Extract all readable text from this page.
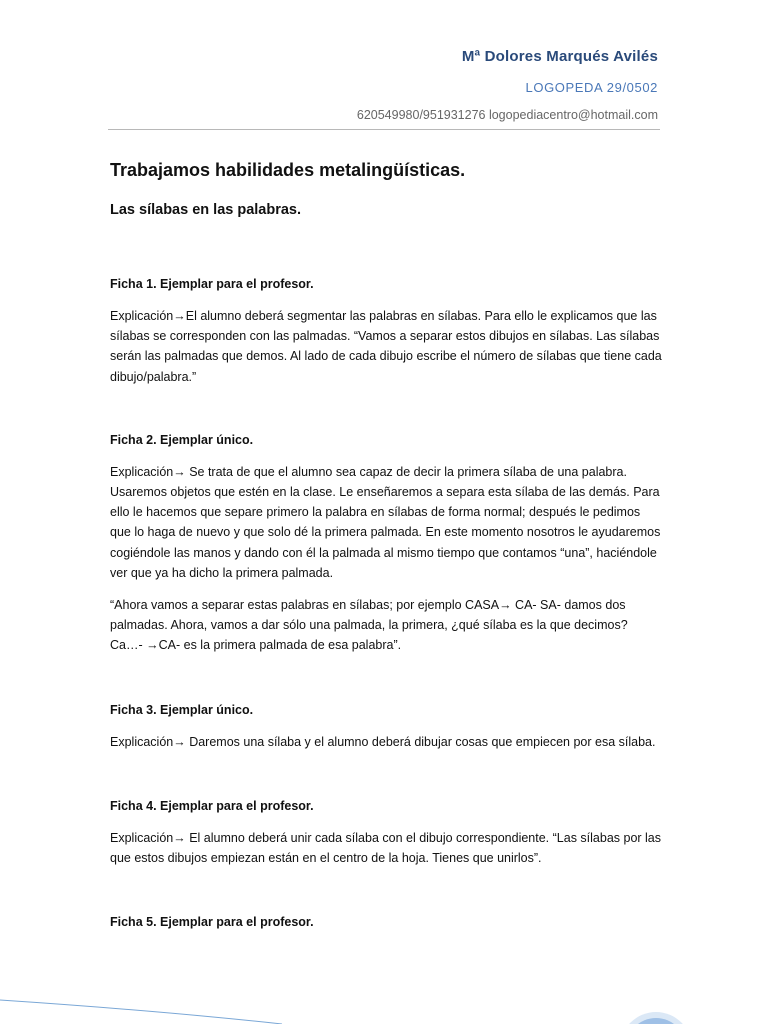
Mª Dolores Marqués Avilés
LOGOPEDA 29/0502
620549980/951931276 logopediacentro@hotmail.com
Trabajamos habilidades metalingüísticas.
Las sílabas en las palabras.

Ficha 1. Ejemplar para el profesor.

Explicación→El alumno deberá segmentar las palabras en sílabas. Para ello le explicamos que las sílabas se corresponden con las palmadas. “Vamos a separar estos dibujos en sílabas. Las sílabas serán las palmadas que demos. Al lado de cada dibujo escribe el número de sílabas que tiene cada dibujo/palabra.”

Ficha 2. Ejemplar único.

Explicación→ Se trata de que el alumno sea capaz de decir la primera sílaba de una palabra. Usaremos objetos que estén en la clase. Le enseñaremos a separa esta sílaba de las demás. Para ello le hacemos que separe primero la palabra en sílabas de forma normal; después le pedimos que lo haga de nuevo y que solo dé la primera palmada. En este momento nosotros le ayudaremos cogiéndole las manos y dando con él la palmada al mismo tiempo que contamos “una”, haciéndole ver que ya ha dicho la primera palmada.

“Ahora vamos a separar estas palabras en sílabas; por ejemplo CASA→ CA- SA- damos dos palmadas. Ahora, vamos a dar sólo una palmada, la primera, ¿qué sílaba es la que decimos? Ca…- →CA- es la primera palmada de esa palabra”.

Ficha 3. Ejemplar único.

Explicación→ Daremos una sílaba y el alumno deberá dibujar cosas que empiecen por esa sílaba.

Ficha 4. Ejemplar para el profesor.

Explicación→ El alumno deberá unir cada sílaba con el dibujo correspondiente. “Las sílabas por las que estos dibujos empiezan están en el centro de la hoja. Tienes que unirlos”.

Ficha 5. Ejemplar para el profesor.
